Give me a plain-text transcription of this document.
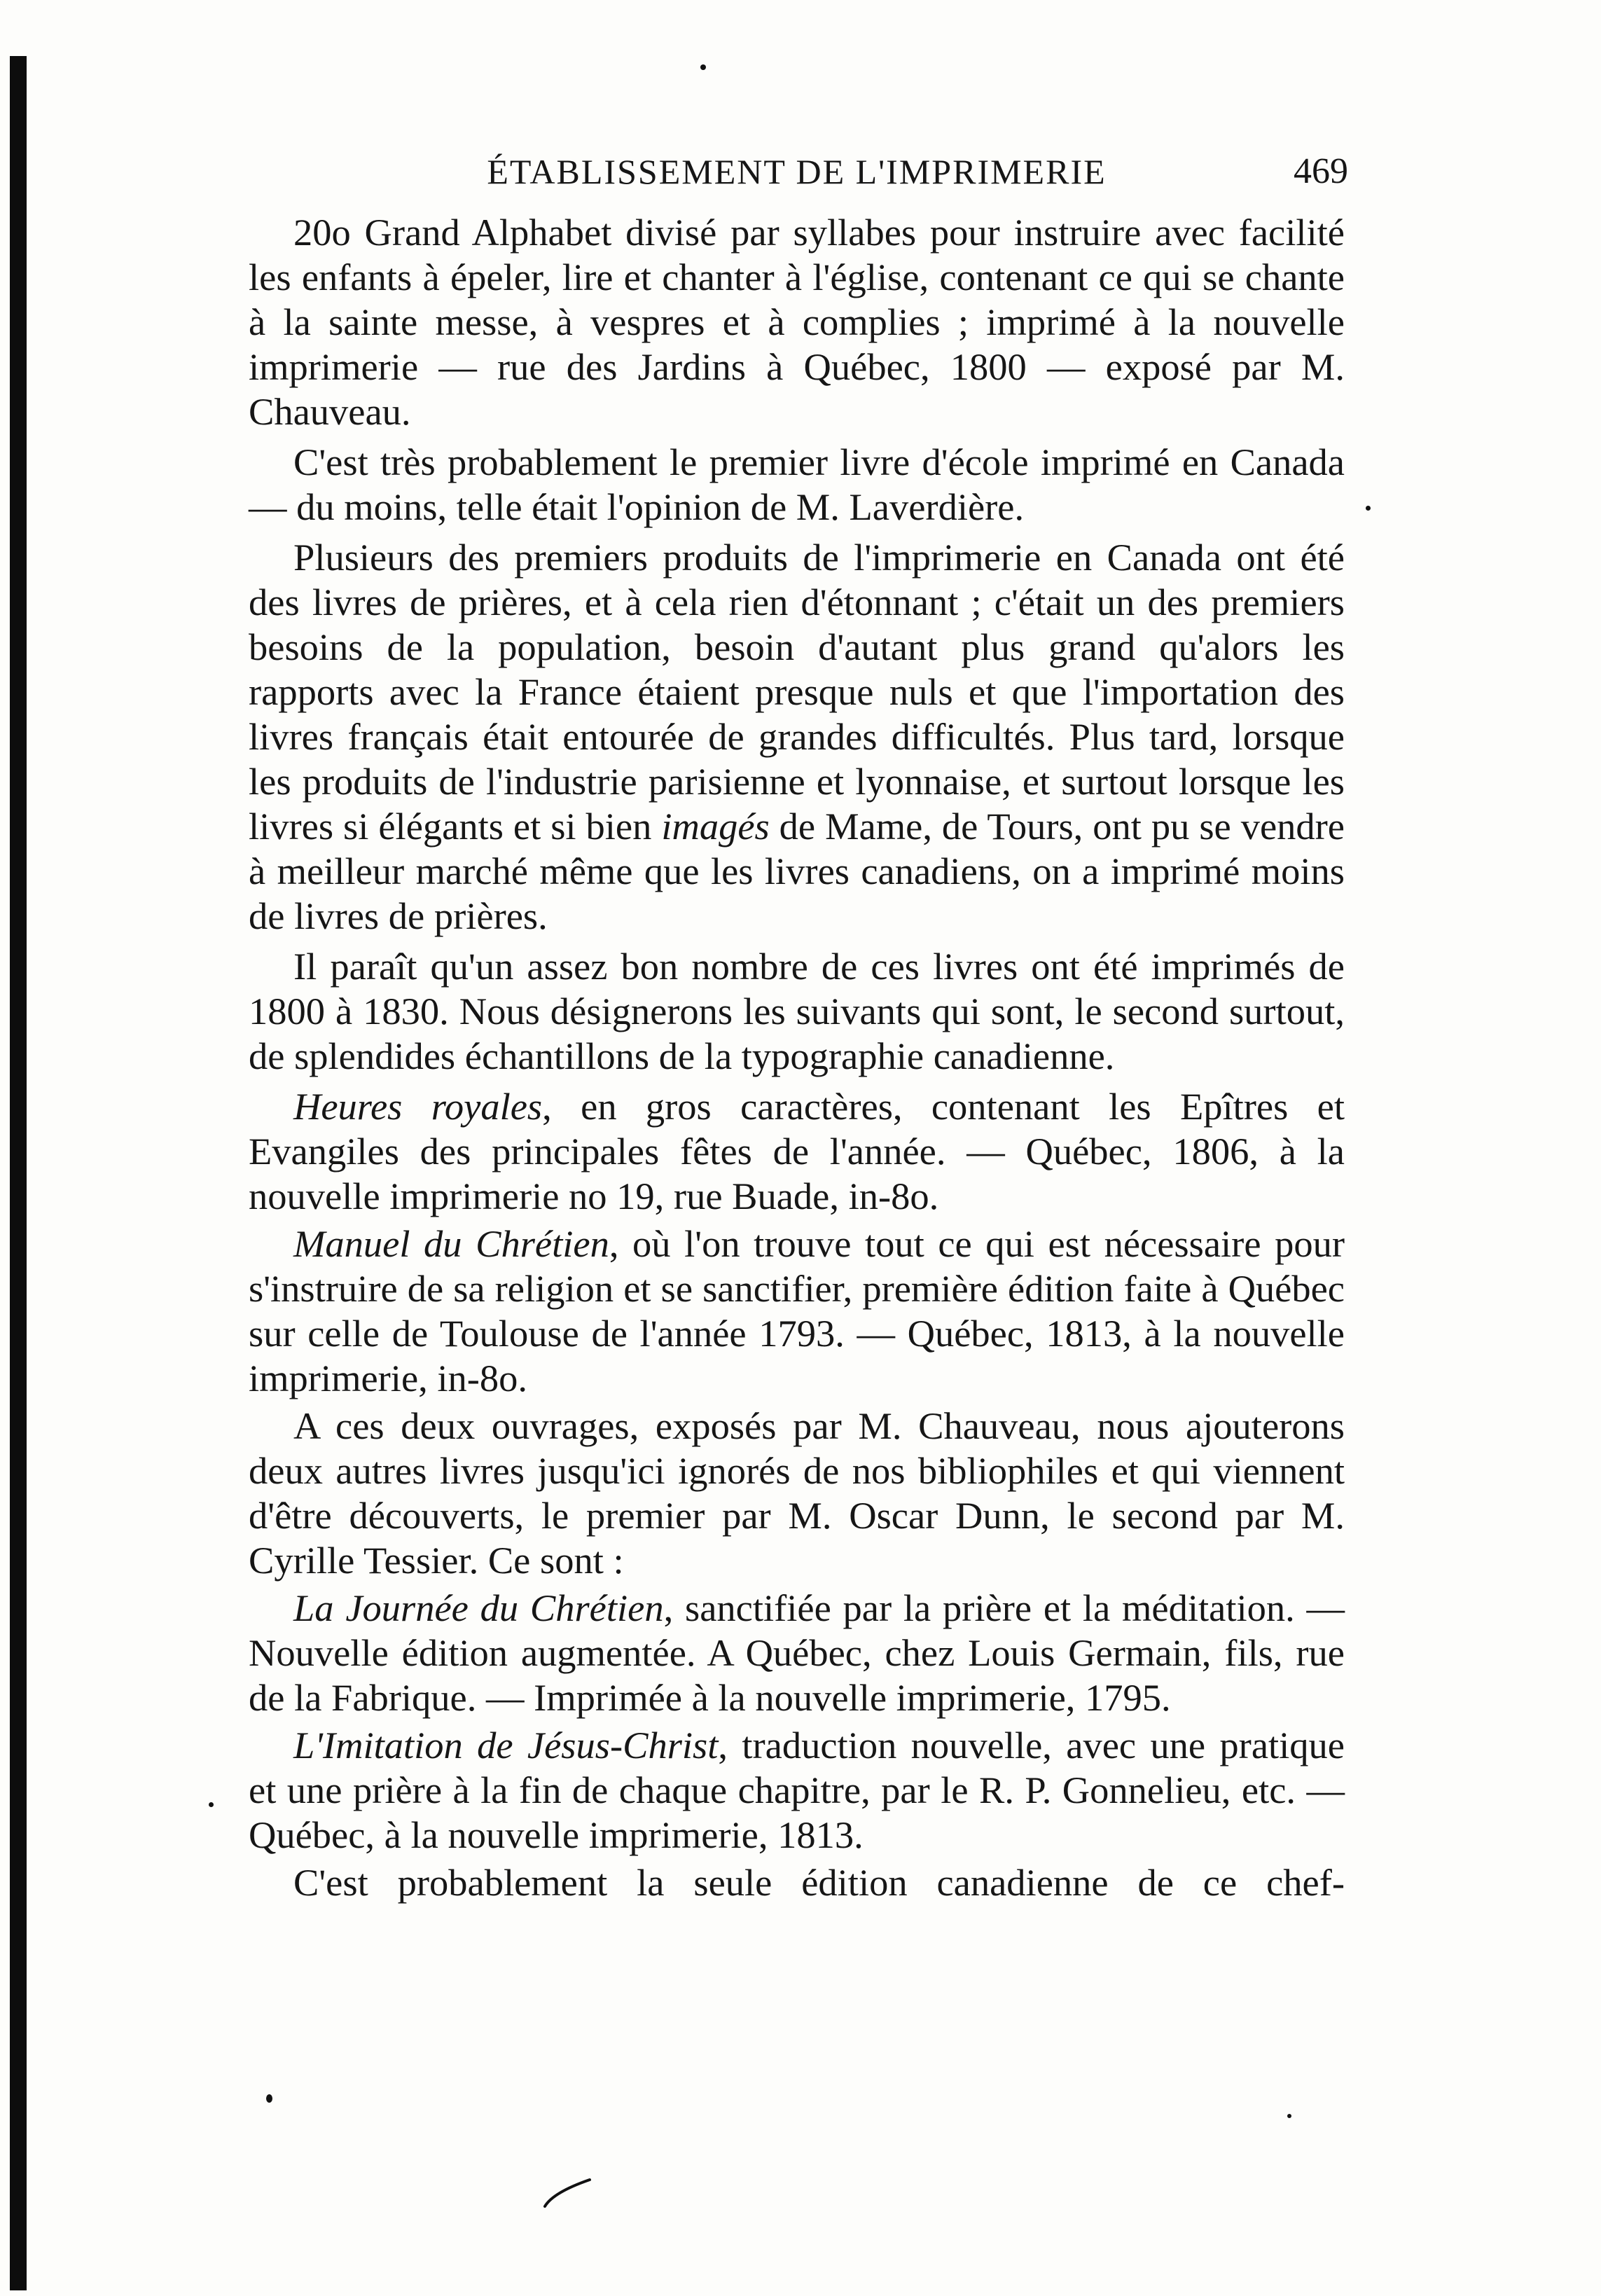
ÉTABLISSEMENT DE L'IMPRIMERIE	469

20o Grand Alphabet divisé par syllabes pour instruire avec facilité les enfants à épeler, lire et chanter à l'église, contenant ce qui se chante à la sainte messe, à vespres et à complies ; imprimé à la nouvelle imprimerie — rue des Jardins à Québec, 1800 — exposé par M. Chauveau.

C'est très probablement le premier livre d'école imprimé en Canada — du moins, telle était l'opinion de M. Laverdière.

Plusieurs des premiers produits de l'imprimerie en Canada ont été des livres de prières, et à cela rien d'étonnant ; c'était un des premiers besoins de la population, besoin d'autant plus grand qu'alors les rapports avec la France étaient presque nuls et que l'importation des livres français était entourée de grandes difficultés. Plus tard, lorsque les produits de l'industrie parisienne et lyonnaise, et surtout lorsque les livres si élégants et si bien imagés de Mame, de Tours, ont pu se vendre à meilleur marché même que les livres canadiens, on a imprimé moins de livres de prières.

Il paraît qu'un assez bon nombre de ces livres ont été imprimés de 1800 à 1830. Nous désignerons les suivants qui sont, le second surtout, de splendides échantillons de la typographie canadienne.

Heures royales, en gros caractères, contenant les Epîtres et Evangiles des principales fêtes de l'année. — Québec, 1806, à la nouvelle imprimerie no 19, rue Buade, in-8o.

Manuel du Chrétien, où l'on trouve tout ce qui est nécessaire pour s'instruire de sa religion et se sanctifier, première édition faite à Québec sur celle de Toulouse de l'année 1793. — Québec, 1813, à la nouvelle imprimerie, in-8o.

A ces deux ouvrages, exposés par M. Chauveau, nous ajouterons deux autres livres jusqu'ici ignorés de nos bibliophiles et qui viennent d'être découverts, le premier par M. Oscar Dunn, le second par M. Cyrille Tessier. Ce sont :

La Journée du Chrétien, sanctifiée par la prière et la méditation. — Nouvelle édition augmentée. A Québec, chez Louis Germain, fils, rue de la Fabrique. — Imprimée à la nouvelle imprimerie, 1795.

L'Imitation de Jésus-Christ, traduction nouvelle, avec une pratique et une prière à la fin de chaque chapitre, par le R. P. Gonnelieu, etc. — Québec, à la nouvelle imprimerie, 1813.

C'est probablement la seule édition canadienne de ce chef-
